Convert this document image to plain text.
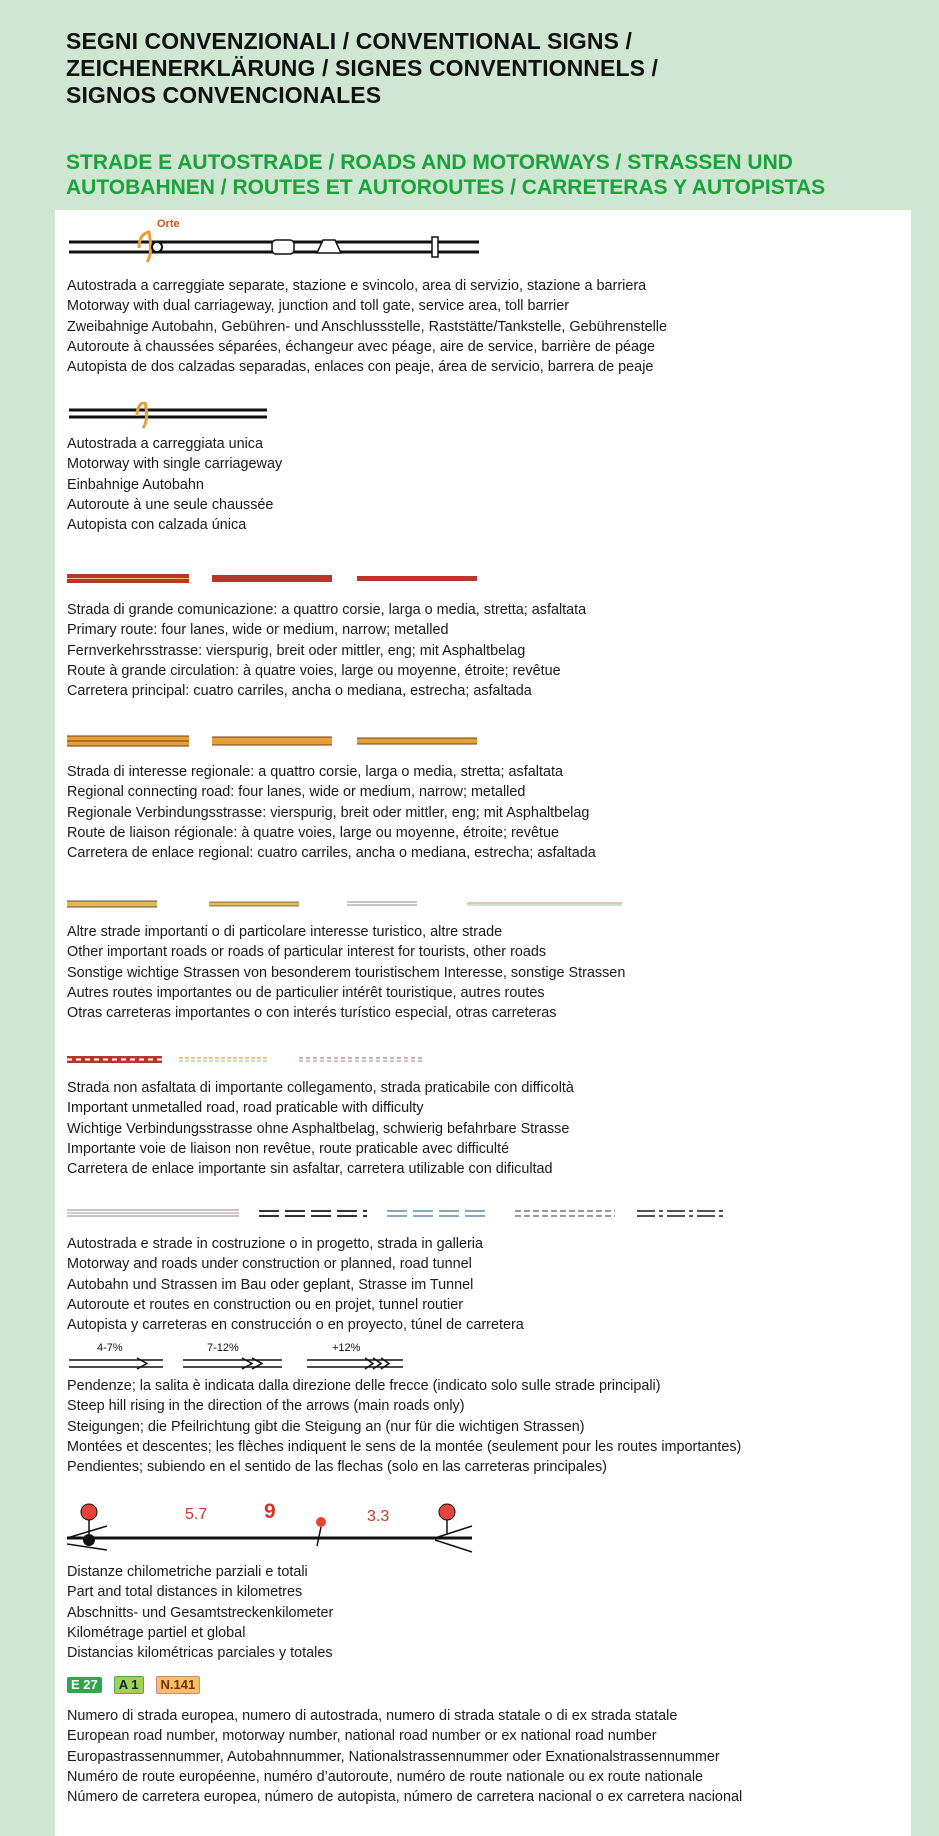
SEGNI CONVENZIONALI / CONVENTIONAL SIGNS /
ZEICHENERKLÄRUNG / SIGNES CONVENTIONNELS /
SIGNOS CONVENCIONALES
STRADE E AUTOSTRADE / ROADS AND MOTORWAYS / STRASSEN UND
AUTOBAHNEN / ROUTES ET AUTOROUTES / CARRETERAS Y AUTOPISTAS
Orte
Autostrada a carreggiate separate, stazione e svincolo, area di servizio, stazione a barriera
Motorway with dual carriageway, junction and toll gate, service area, toll barrier
Zweibahnige Autobahn, Gebühren- und Anschlussstelle, Raststätte/Tankstelle, Gebührenstelle
Autoroute à chaussées séparées, échangeur avec péage, aire de service, barrière de péage
Autopista de dos calzadas separadas, enlaces con peaje, área de servicio, barrera de peaje
Autostrada a carreggiata unica
Motorway with single carriageway
Einbahnige Autobahn
Autoroute à une seule chaussée
Autopista con calzada única
Strada di grande comunicazione: a quattro corsie, larga o media, stretta; asfaltata
Primary route: four lanes, wide or medium, narrow; metalled
Fernverkehrsstrasse: vierspurig, breit oder mittler, eng; mit Asphaltbelag
Route à grande circulation: à quatre voies, large ou moyenne, étroite; revêtue
Carretera principal: cuatro carriles, ancha o mediana, estrecha; asfaltada
Strada di interesse regionale: a quattro corsie, larga o media, stretta; asfaltata
Regional connecting road: four lanes, wide or medium, narrow; metalled
Regionale Verbindungsstrasse: vierspurig, breit oder mittler, eng; mit Asphaltbelag
Route de liaison régionale: à quatre voies, large ou moyenne, étroite; revêtue
Carretera de enlace regional: cuatro carriles, ancha o mediana, estrecha; asfaltada
Altre strade importanti o di particolare interesse turistico, altre strade
Other important roads or roads of particular interest for tourists, other roads
Sonstige wichtige Strassen von besonderem touristischem Interesse, sonstige Strassen
Autres routes importantes ou de particulier intérêt touristique, autres routes
Otras carreteras importantes o con interés turístico especial, otras carreteras
Strada non asfaltata di importante collegamento, strada praticabile con difficoltà
Important unmetalled road, road praticable with difficulty
Wichtige Verbindungsstrasse ohne Asphaltbelag, schwierig befahrbare Strasse
Importante voie de liaison non revêtue, route praticable avec difficulté
Carretera de enlace importante sin asfaltar, carretera utilizable con dificultad
Autostrada e strade in costruzione o in progetto, strada in galleria
Motorway and roads under construction or planned, road tunnel
Autobahn und Strassen im Bau oder geplant, Strasse im Tunnel
Autoroute et routes en construction ou en projet, tunnel routier
Autopista y carreteras en construcción o en proyecto, túnel de carretera
4-7%	7-12%	+12%
Pendenze; la salita è indicata dalla direzione delle frecce (indicato solo sulle strade principali)
Steep hill rising in the direction of the arrows (main roads only)
Steigungen; die Pfeilrichtung gibt die Steigung an (nur für die wichtigen Strassen)
Montées et descentes; les flèches indiquent le sens de la montée (seulement pour les routes importantes)
Pendientes; subiendo en el sentido de las flechas (solo en las carreteras principales)
5.7	9	3.3
Distanze chilometriche parziali e totali
Part and total distances in kilometres
Abschnitts- und Gesamtstreckenkilometer
Kilométrage partiel et global
Distancias kilométricas parciales y totales
E 27	A 1	N.141
Numero di strada europea, numero di autostrada, numero di strada statale o di ex strada statale
European road number, motorway number, national road number or ex national road number
Europastrassennummer, Autobahnnummer, Nationalstrassennummer oder Exnationalstrassennummer
Numéro de route européenne, numéro d’autoroute, numéro de route nationale ou ex route nationale
Número de carretera europea, número de autopista, número de carretera nacional o ex carretera nacional
